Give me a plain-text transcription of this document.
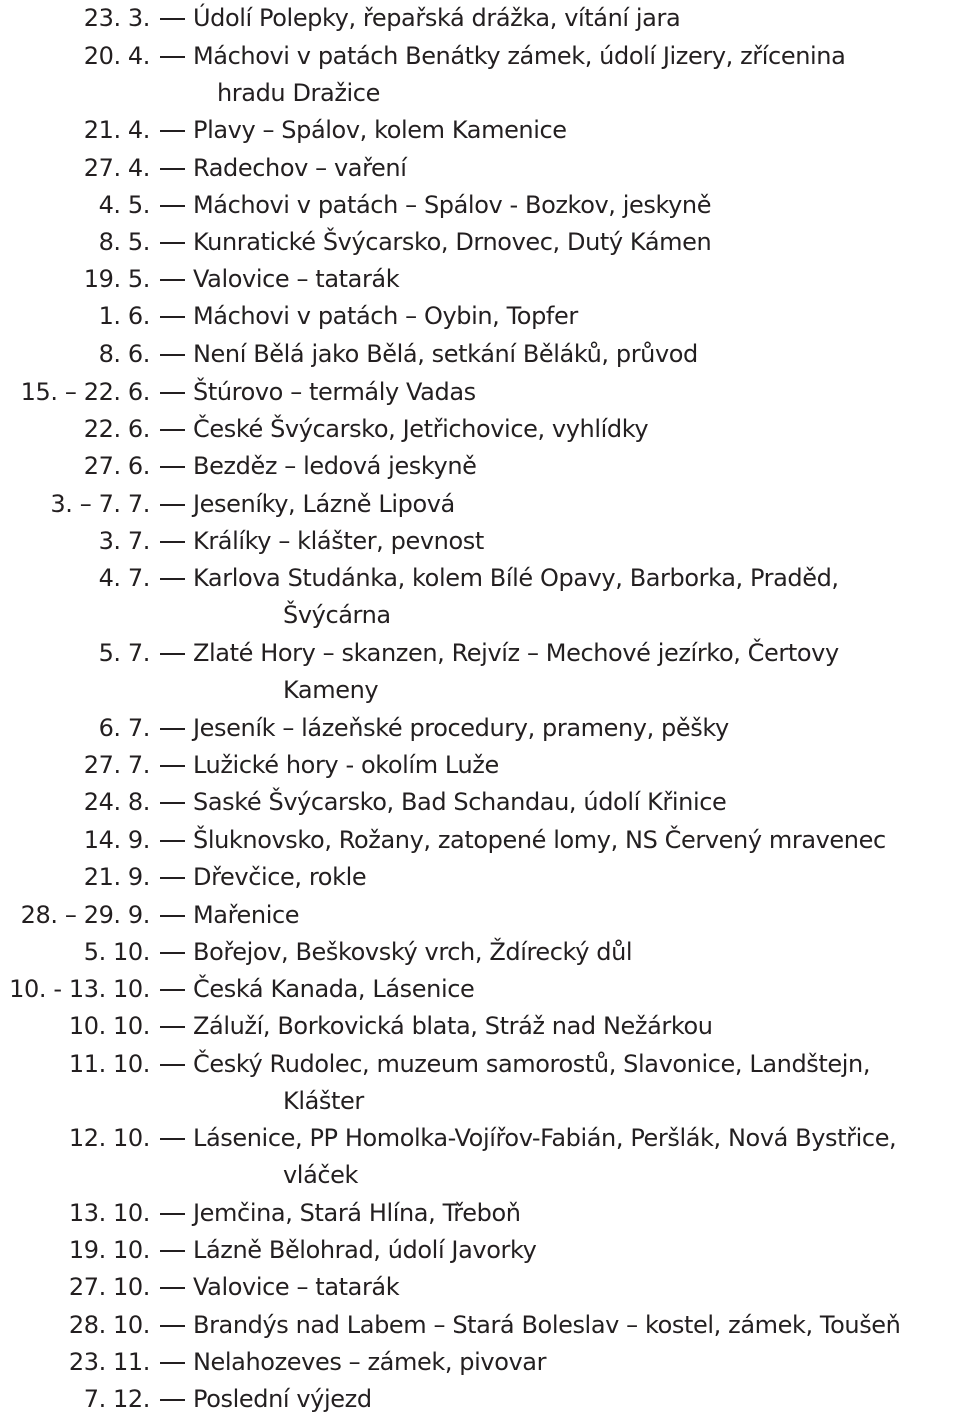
23. 3. Údolí Polepky, řepařská drážka, vítání jara
20. 4. Máchovi v patách Benátky zámek, údolí Jizery, zřícenina
hradu Dražice
21. 4. Plavy – Spálov, kolem Kamenice
27. 4. Radechov – vaření
4. 5. Máchovi v patách – Spálov - Bozkov, jeskyně
8. 5. Kunratické Švýcarsko, Drnovec, Dutý Kámen
19. 5. Valovice – tatarák
1. 6. Máchovi v patách – Oybin, Topfer
8. 6. Není Bělá jako Bělá, setkání Běláků, průvod
15. – 22. 6. Štúrovo – termály Vadas
22. 6. České Švýcarsko, Jetřichovice, vyhlídky
27. 6. Bezděz – ledová jeskyně
3. – 7. 7. Jeseníky, Lázně Lipová
3. 7. Králíky – klášter, pevnost
4. 7. Karlova Studánka, kolem Bílé Opavy, Barborka, Praděd,
Švýcárna
5. 7. Zlaté Hory – skanzen, Rejvíz – Mechové jezírko, Čertovy
Kameny
6. 7. Jeseník – lázeňské procedury, prameny, pěšky
27. 7. Lužické hory - okolím Luže
24. 8. Saské Švýcarsko, Bad Schandau, údolí Křinice
14. 9. Šluknovsko, Rožany, zatopené lomy, NS Červený mravenec
21. 9. Dřevčice, rokle
28. – 29. 9. Mařenice
5. 10. Bořejov, Beškovský vrch, Ždírecký důl
10. - 13. 10. Česká Kanada, Lásenice
10. 10. Záluží, Borkovická blata, Stráž nad Nežárkou
11. 10. Český Rudolec, muzeum samorostů, Slavonice, Landštejn,
Klášter
12. 10. Lásenice, PP Homolka-Vojířov-Fabián, Peršlák, Nová Bystřice,
vláček
13. 10. Jemčina, Stará Hlína, Třeboň
19. 10. Lázně Bělohrad, údolí Javorky
27. 10. Valovice – tatarák
28. 10. Brandýs nad Labem – Stará Boleslav – kostel, zámek, Toušeň
23. 11. Nelahozeves – zámek, pivovar
7. 12. Poslední výjezd
